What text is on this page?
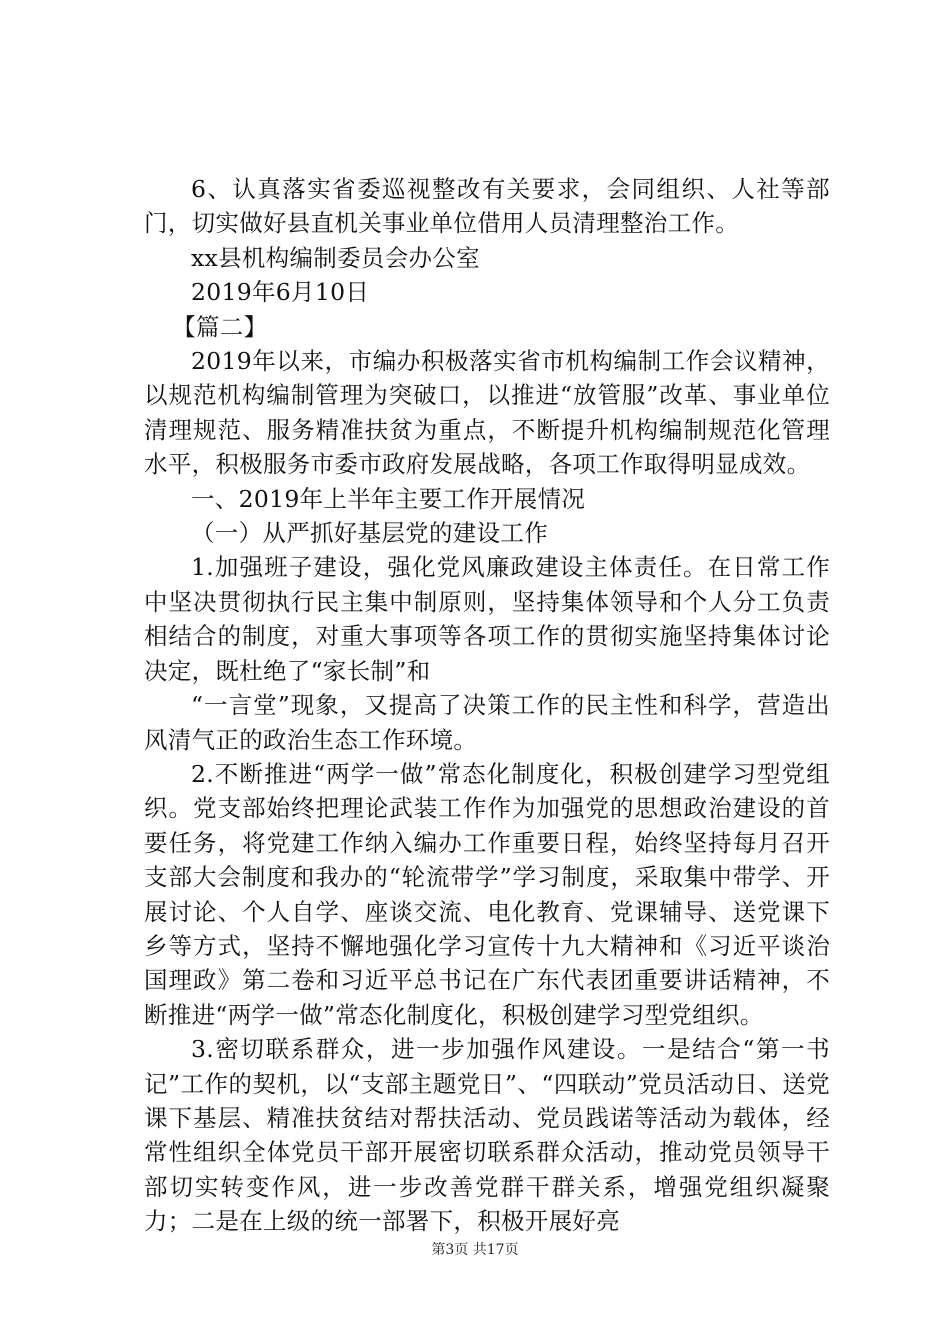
6、认真落实省委巡视整改有关要求，会同组织、人社等部门，切实做好县直机关事业单位借用人员清理整治工作。

xx县机构编制委员会办公室

2019年6月10日

【篇二】

2019年以来，市编办积极落实省市机构编制工作会议精神，以规范机构编制管理为突破口，以推进“放管服”改革、事业单位清理规范、服务精准扶贫为重点，不断提升机构编制规范化管理水平，积极服务市委市政府发展战略，各项工作取得明显成效。

一、2019年上半年主要工作开展情况

（一）从严抓好基层党的建设工作

1.加强班子建设，强化党风廉政建设主体责任。在日常工作中坚决贯彻执行民主集中制原则，坚持集体领导和个人分工负责相结合的制度，对重大事项等各项工作的贯彻实施坚持集体讨论决定，既杜绝了“家长制”和

“一言堂”现象，又提高了决策工作的民主性和科学，营造出风清气正的政治生态工作环境。

2.不断推进“两学一做”常态化制度化，积极创建学习型党组织。党支部始终把理论武装工作作为加强党的思想政治建设的首要任务，将党建工作纳入编办工作重要日程，始终坚持每月召开支部大会制度和我办的“轮流带学”学习制度，采取集中带学、开展讨论、个人自学、座谈交流、电化教育、党课辅导、送党课下乡等方式，坚持不懈地强化学习宣传十九大精神和《习近平谈治国理政》第二卷和习近平总书记在广东代表团重要讲话精神，不断推进“两学一做”常态化制度化，积极创建学习型党组织。

3.密切联系群众，进一步加强作风建设。一是结合“第一书记”工作的契机，以“支部主题党日”、“四联动”党员活动日、送党课下基层、精准扶贫结对帮扶活动、党员践诺等活动为载体，经常性组织全体党员干部开展密切联系群众活动，推动党员领导干部切实转变作风，进一步改善党群干群关系，增强党组织凝聚力；二是在上级的统一部署下，积极开展好亮

第3页 共17页
